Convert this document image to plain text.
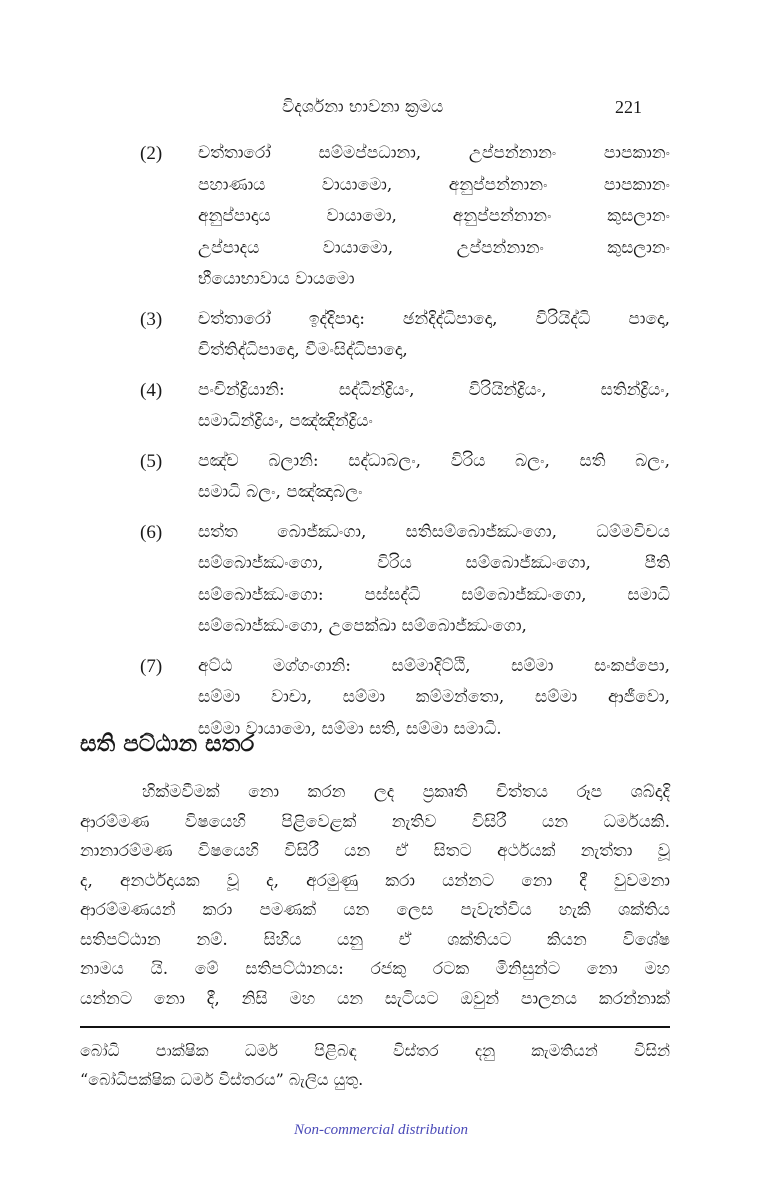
විදර්ශනා භාවනා ක්‍රමය	221
(2) චත්තාරෝ සම්මප්පධානා, උප්පන්නානං පාපකානං
පහාණාය වායාමො, අනුප්පන්නානං පාපකානං
අනුප්පාදාය වායාමො, අනුප්පන්නානං කුසලානං
උප්පාදය වායාමො, උප්පන්නානං කුසලානං
භීයොභාවාය වායමො
(3) චත්තාරෝ ඉද්දිපාදා: ඡන්දිද්ධිපාදො, විරියිද්ධි පාදො,
චිත්තිද්ධිපාදො, වීමංසිද්ධිපාදො,
(4) පංචින්ද්‍රියානි: සද්ධින්ද්‍රියං, විරියින්ද්‍රියං, සතින්ද්‍රියං,
සමාධින්ද්‍රියං, පඤ්ඤින්ද්‍රියං
(5) පඤ්ච බලානි: සද්ධාබලං, විරිය බලං, සති බලං,
සමාධි බලං, පඤ්ඤාබලං
(6) සත්ත බොජ්ඣංගා, සතිසම්බොජ්ඣංගො, ධම්මවිචය
සම්බොජ්ඣංගො, විරිය සම්බොජ්ඣංගො, පීති
සම්බොජ්ඣංගො: පස්සද්ධි සම්බොජ්ඣංගො, සමාධි
සම්බොජ්ඣංගො, උපෙක්ඛා සම්බොජ්ඣංගො,
(7) අට්ඨ මග්ගංගානි: සම්මාදිට්ඨි, සම්මා සංකප්පො,
සම්මා වාචා, සම්මා කම්මන්තො, සම්මා ආජීවො,
සම්මා වායාමො, සම්මා සති, සම්මා සමාධි.
සති පට්ඨාන සතර
හික්මවීමක් නො කරන ලද ප්‍රකෘති චිත්තය රූප ශබ්දාදි
ආරම්මණ විෂයෙහි පිළිවෙළක් නැතිව විසිරී යන ධර්මයකි.
නානාරම්මණ විෂයෙහි විසිරී යන ඒ සිතට අර්ථයක් නැත්තා වූ
ද, අනර්ථදායක වූ ද, අරමුණු කරා යන්නට නො දී වුවමනා
ආරම්මණයන් කරා පමණක් යන ලෙස පැවැත්විය හැකි ශක්තිය
සතිපට්ඨාන නම්. සිහිය යනු ඒ ශක්තියට කියන විශේෂ
නාමය යි. මේ සතිපට්ඨානය: රජකු රටක මිනිසුන්ට නො මහ
යන්නට නො දී, නිසි මහ යන සැටියට ඔවුන් පාලනය කරන්නාක්
බෝධි පාක්ෂික ධර්ම පිළිබඳ විස්තර දනු කැමතියන් විසින්
“බෝධිපක්ෂික ධර්ම විස්තරය” බැලිය යුතු.
Non-commercial distribution
